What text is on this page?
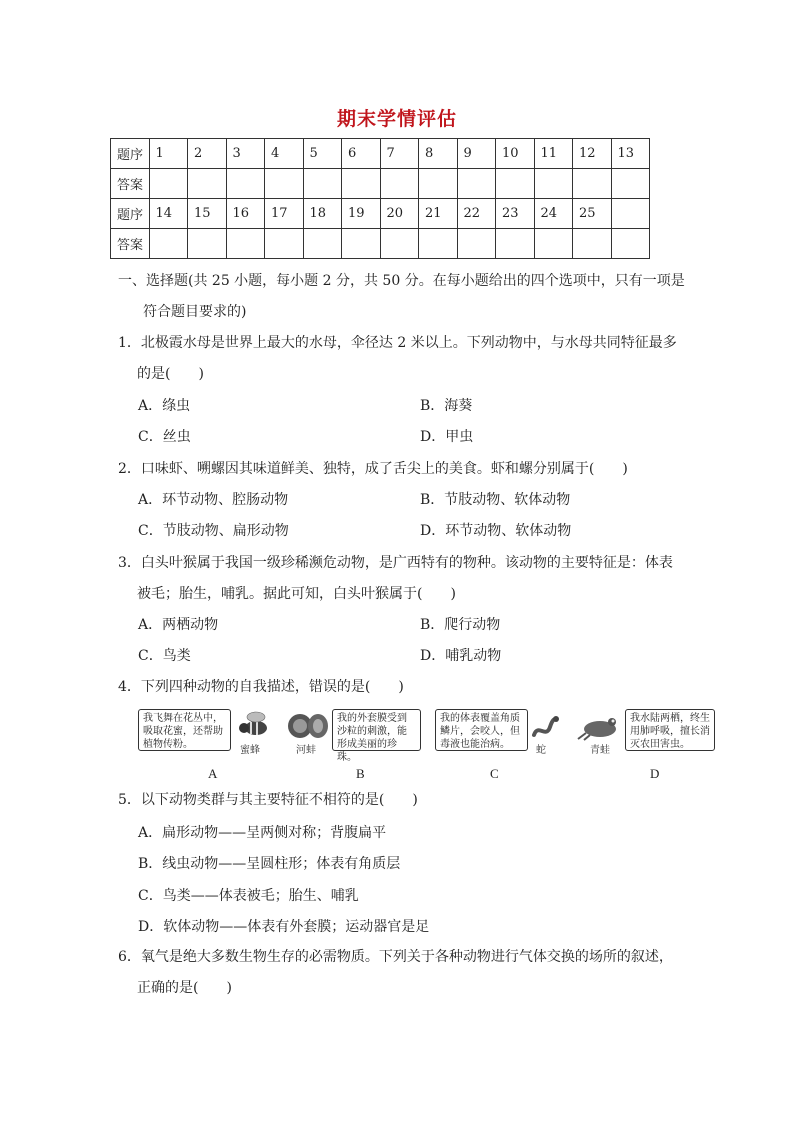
期末学情评估
题序	1	2	3	4	5	6	7	8	9	10	11	12	13
答案													
题序	14	15	16	17	18	19	20	21	22	23	24	25	
答案													
一、选择题(共 25 小题，每小题 2 分，共 50 分。在每小题给出的四个选项中，只有一项是
符合题目要求的)
1．北极霞水母是世界上最大的水母，伞径达 2 米以上。下列动物中，与水母共同特征最多
的是(　　)
A．绦虫	B．海葵
C．丝虫	D．甲虫
2．口味虾、嗍螺因其味道鲜美、独特，成了舌尖上的美食。虾和螺分别属于(　　)
A．环节动物、腔肠动物	B．节肢动物、软体动物
C．节肢动物、扁形动物	D．环节动物、软体动物
3．白头叶猴属于我国一级珍稀濒危动物，是广西特有的物种。该动物的主要特征是：体表
被毛；胎生，哺乳。据此可知，白头叶猴属于(　　)
A．两栖动物	B．爬行动物
C．鸟类	D．哺乳动物
4．下列四种动物的自我描述，错误的是(　　)
我飞舞在花丛中，吸取花蜜，还帮助植物传粉。
蜜蜂	河蚌
我的外套膜受到沙粒的刺激，能形成美丽的珍珠。
我的体表覆盖角质鳞片，会咬人，但毒液也能治病。
蛇	青蛙
我水陆两栖，终生用肺呼吸，擅长消灭农田害虫。
A	B	C	D
5．以下动物类群与其主要特征不相符的是(　　)
A．扁形动物——呈两侧对称；背腹扁平
B．线虫动物——呈圆柱形；体表有角质层
C．鸟类——体表被毛；胎生、哺乳
D．软体动物——体表有外套膜；运动器官是足
6．氧气是绝大多数生物生存的必需物质。下列关于各种动物进行气体交换的场所的叙述，
正确的是(　　)
